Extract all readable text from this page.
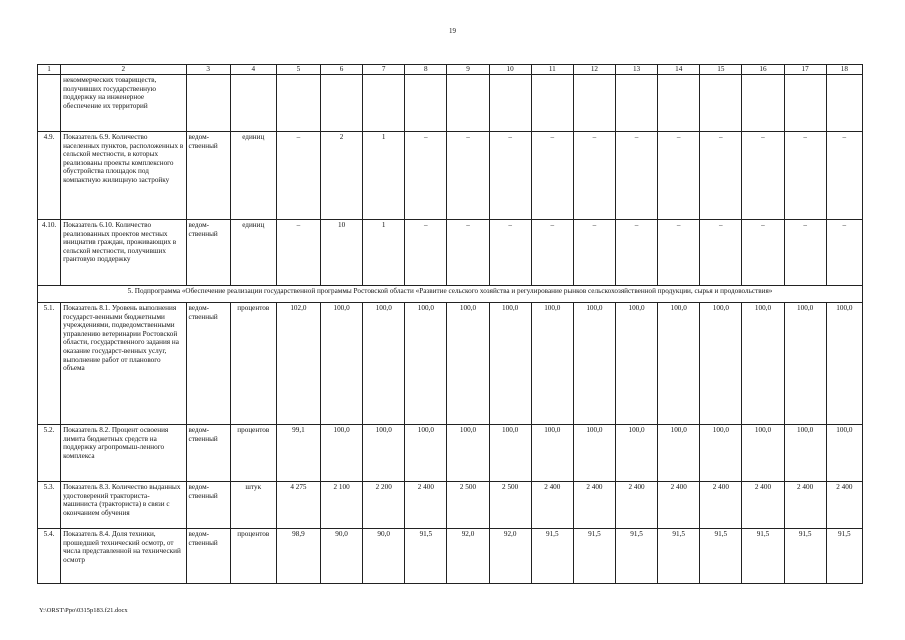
19
1	2	3	4	5	6	7	8	9	10	11	12	13	14	15	16	17	18
	некоммерческих товариществ, получивших государственную поддержку на инженерное обеспечение их территорий																
4.9.	Показатель 6.9. Количество населенных пунктов, расположенных в сельской местности, в которых реализованы проекты комплексного обустройства площадок под компактную жилищную застройку	ведом-ственный	единиц	–	2	1	–	–	–	–	–	–	–	–	–	–	–
4.10.	Показатель 6.10. Количество реализованных проектов местных инициатив граждан, проживающих в сельской местности, получивших грантовую поддержку	ведом-ственный	единиц	–	10	1	–	–	–	–	–	–	–	–	–	–	–
5. Подпрограмма «Обеспечение реализации государственной программы Ростовской области «Развитие сельского хозяйства и регулирование рынков сельскохозяйственной продукции, сырья и продовольствия»																	
5.1.	Показатель 8.1. Уровень выполнения государст-венными бюджетными учреждениями, подведомственными управлению ветеринарии Ростовской области, государственного задания на оказание государст-венных услуг, выполнение работ от планового объема	ведом-ственный	процентов	102,0	100,0	100,0	100,0	100,0	100,0	100,0	100,0	100,0	100,0	100,0	100,0	100,0	100,0
5.2.	Показатель 8.2. Процент освоения лимита бюджетных средств на поддержку агропромыш-ленного комплекса	ведом-ственный	процентов	99,1	100,0	100,0	100,0	100,0	100,0	100,0	100,0	100,0	100,0	100,0	100,0	100,0	100,0
5.3.	Показатель 8.3. Количество выданных удостоверений тракториста-машиниста (тракториста) в связи с окончанием обучения	ведом-ственный	штук	4 275	2 100	2 200	2 400	2 500	2 500	2 400	2 400	2 400	2 400	2 400	2 400	2 400	2 400
5.4.	Показатель 8.4. Доля техники, прошедшей технический осмотр, от числа представленной на технический осмотр	ведом-ственный	процентов	98,9	90,0	90,0	91,5	92,0	92,0	91,5	91,5	91,5	91,5	91,5	91,5	91,5	91,5
Y:\ORST\Ppo\0315p183.f21.docx
